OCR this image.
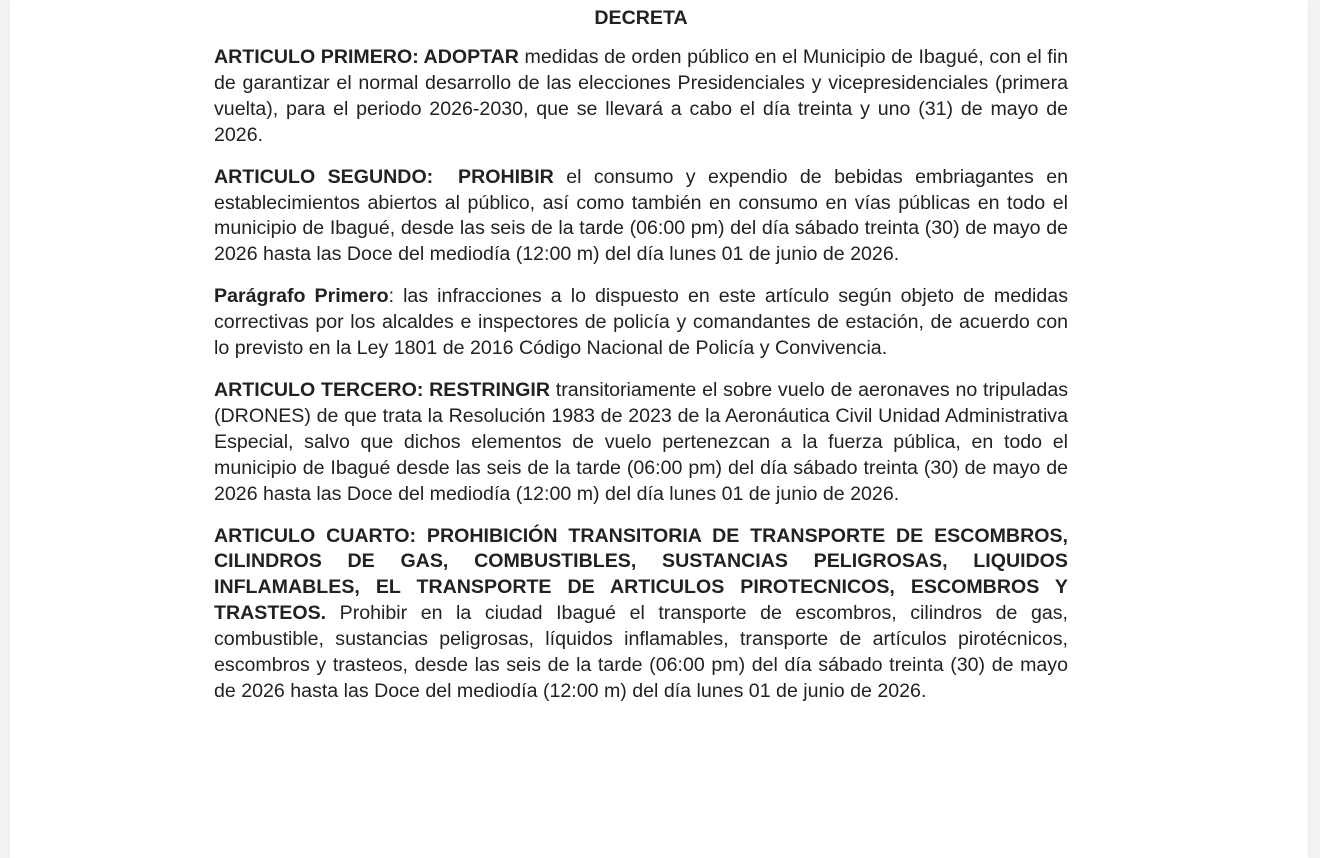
DECRETA

ARTICULO PRIMERO: ADOPTAR medidas de orden público en el Municipio de Ibagué, con el fin de garantizar el normal desarrollo de las elecciones Presidenciales y vicepresidenciales (primera vuelta), para el periodo 2026-2030, que se llevará a cabo el día treinta y uno (31) de mayo de 2026.

ARTICULO SEGUNDO:  PROHIBIR el consumo y expendio de bebidas embriagantes en establecimientos abiertos al público, así como también en consumo en vías públicas en todo el municipio de Ibagué, desde las seis de la tarde (06:00 pm) del día sábado treinta (30) de mayo de 2026 hasta las Doce del mediodía (12:00 m) del día lunes 01 de junio de 2026.

Parágrafo Primero: las infracciones a lo dispuesto en este artículo según objeto de medidas correctivas por los alcaldes e inspectores de policía y comandantes de estación, de acuerdo con lo previsto en la Ley 1801 de 2016 Código Nacional de Policía y Convivencia.

ARTICULO TERCERO: RESTRINGIR transitoriamente el sobre vuelo de aeronaves no tripuladas (DRONES) de que trata la Resolución 1983 de 2023 de la Aeronáutica Civil Unidad Administrativa Especial, salvo que dichos elementos de vuelo pertenezcan a la fuerza pública, en todo el municipio de Ibagué desde las seis de la tarde (06:00 pm) del día sábado treinta (30) de mayo de 2026 hasta las Doce del mediodía (12:00 m) del día lunes 01 de junio de 2026.

ARTICULO CUARTO: PROHIBICIÓN TRANSITORIA DE TRANSPORTE DE ESCOMBROS, CILINDROS DE GAS, COMBUSTIBLES, SUSTANCIAS PELIGROSAS, LIQUIDOS INFLAMABLES, EL TRANSPORTE DE ARTICULOS PIROTECNICOS, ESCOMBROS Y TRASTEOS. Prohibir en la ciudad Ibagué el transporte de escombros, cilindros de gas, combustible, sustancias peligrosas, líquidos inflamables, transporte de artículos pirotécnicos, escombros y trasteos, desde las seis de la tarde (06:00 pm) del día sábado treinta (30) de mayo de 2026 hasta las Doce del mediodía (12:00 m) del día lunes 01 de junio de 2026.
